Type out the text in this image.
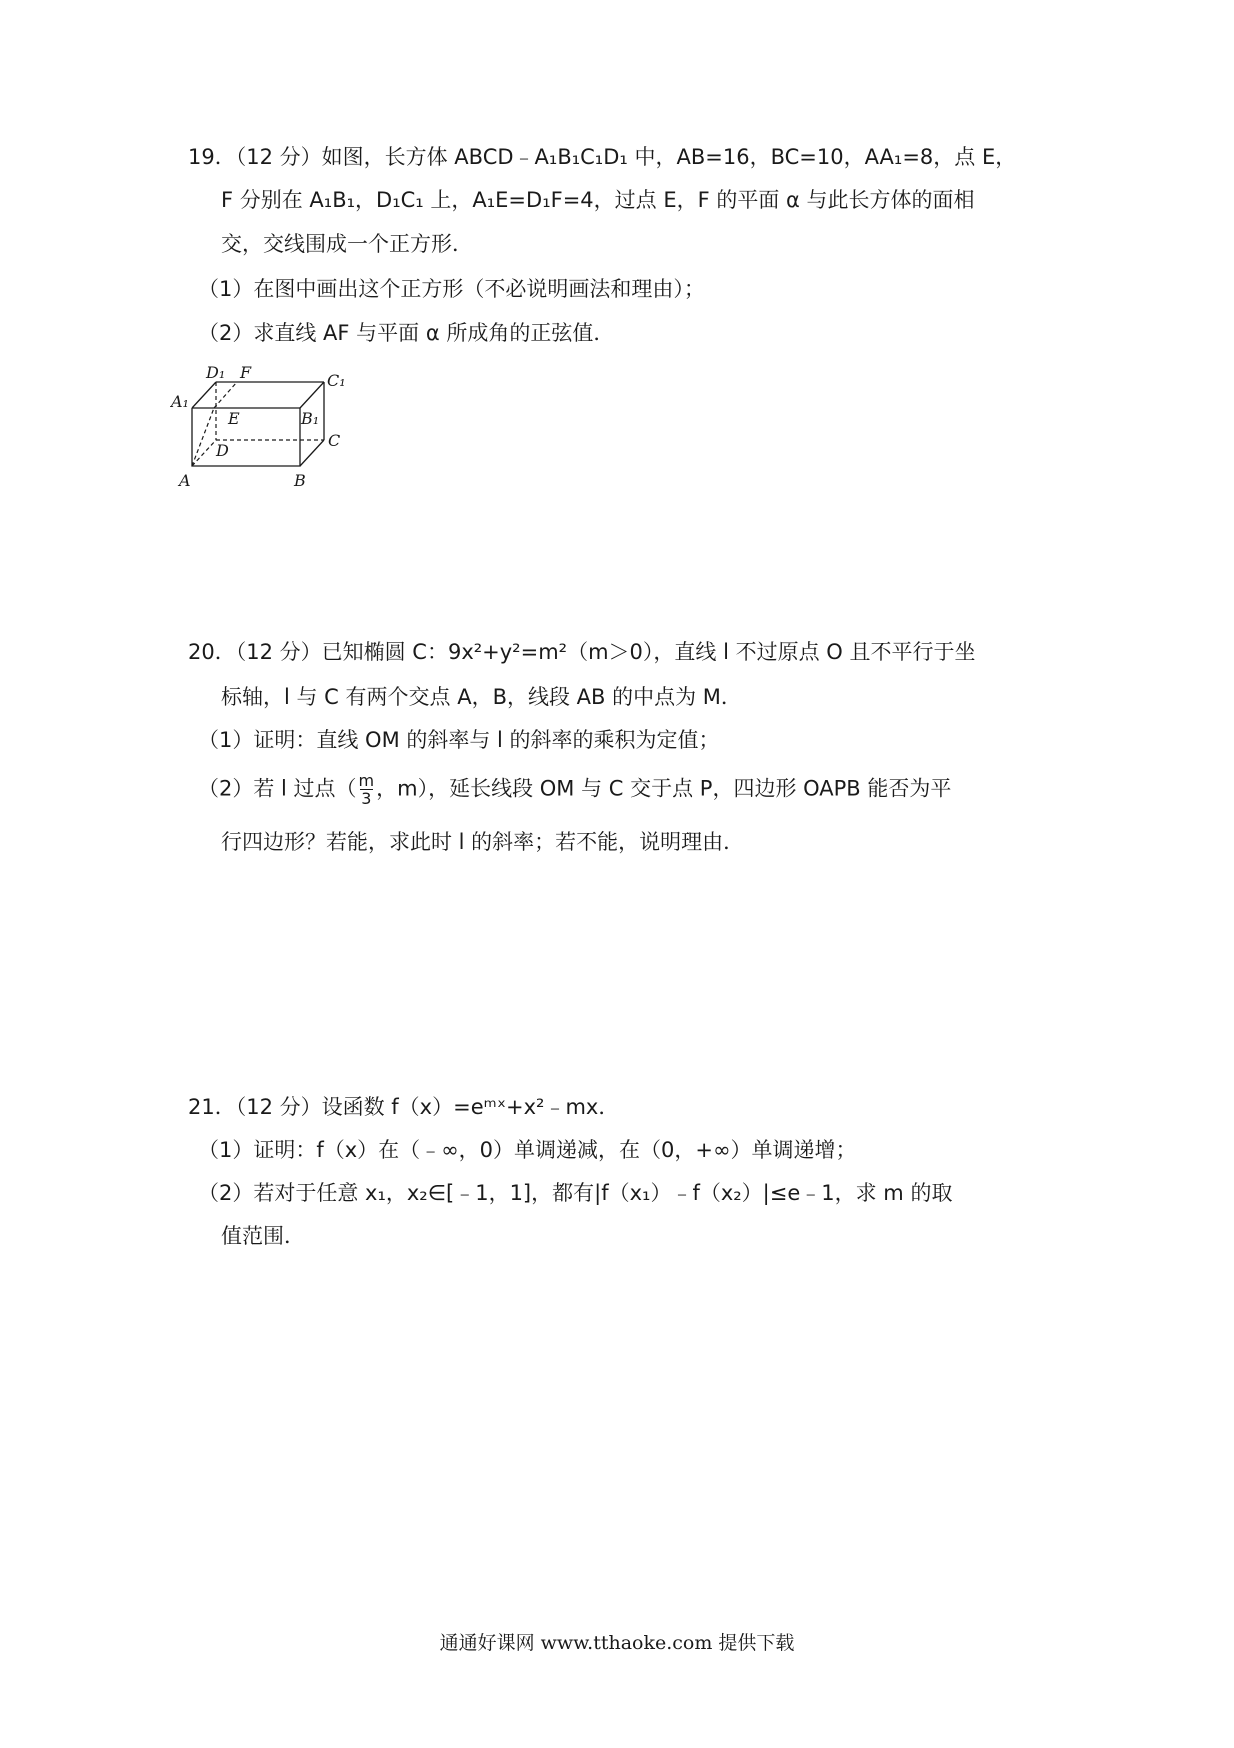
19．（12 分）如图，长方体 ABCD﹣A₁B₁C₁D₁ 中，AB=16，BC=10，AA₁=8，点 E，
F 分别在 A₁B₁，D₁C₁ 上，A₁E=D₁F=4，过点 E，F 的平面 α 与此长方体的面相
交，交线围成一个正方形．
（1）在图中画出这个正方形（不必说明画法和理由）；
（2）求直线 AF 与平面 α 所成角的正弦值．
D₁ F	C₁
A₁
E	B₁
C
D
A	B
20．（12 分）已知椭圆 C：9x²+y²=m²（m＞0），直线 l 不过原点 O 且不平行于坐
标轴，l 与 C 有两个交点 A，B，线段 AB 的中点为 M．
（1）证明：直线 OM 的斜率与 l 的斜率的乘积为定值；
（2）若 l 过点（ $\frac{m}{3}$ ，m），延长线段 OM 与 C 交于点 P，四边形 OAPB 能否为平
行四边形？若能，求此时 l 的斜率；若不能，说明理由．
21．（12 分）设函数 f（x）=eᵐˣ+x²﹣mx．
（1）证明：f（x）在（﹣∞，0）单调递减，在（0，+∞）单调递增；
（2）若对于任意 x₁，x₂∈[﹣1，1]，都有|f（x₁）﹣f（x₂）|≤e﹣1，求 m 的取
值范围．
通通好课网 www.tthaoke.com 提供下载
